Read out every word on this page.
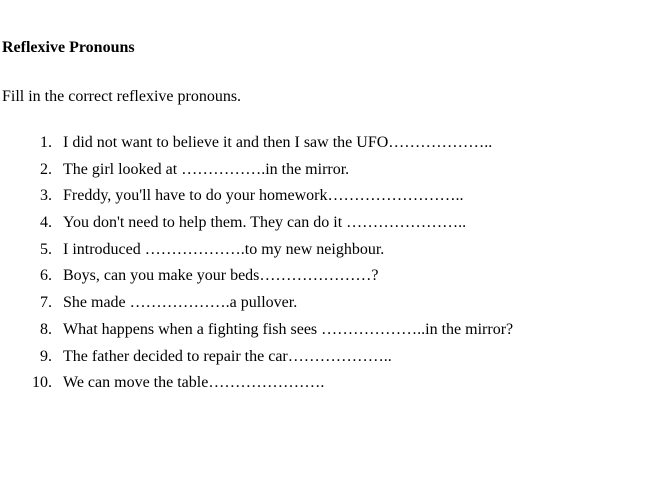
Reflexive Pronouns
Fill in the correct reflexive pronouns.
1. I did not want to believe it and then I saw the UFO………………..
2. The girl looked at …………….in the mirror.
3. Freddy, you'll have to do your homework……………………..
4. You don't need to help them. They can do it …………………..
5. I introduced ……………….to my new neighbour.
6. Boys, can you make your beds…………………?
7. She made ……………….a pullover.
8. What happens when a fighting fish sees ………………..in the mirror?
9. The father decided to repair the car………………..
10. We can move the table………………….
